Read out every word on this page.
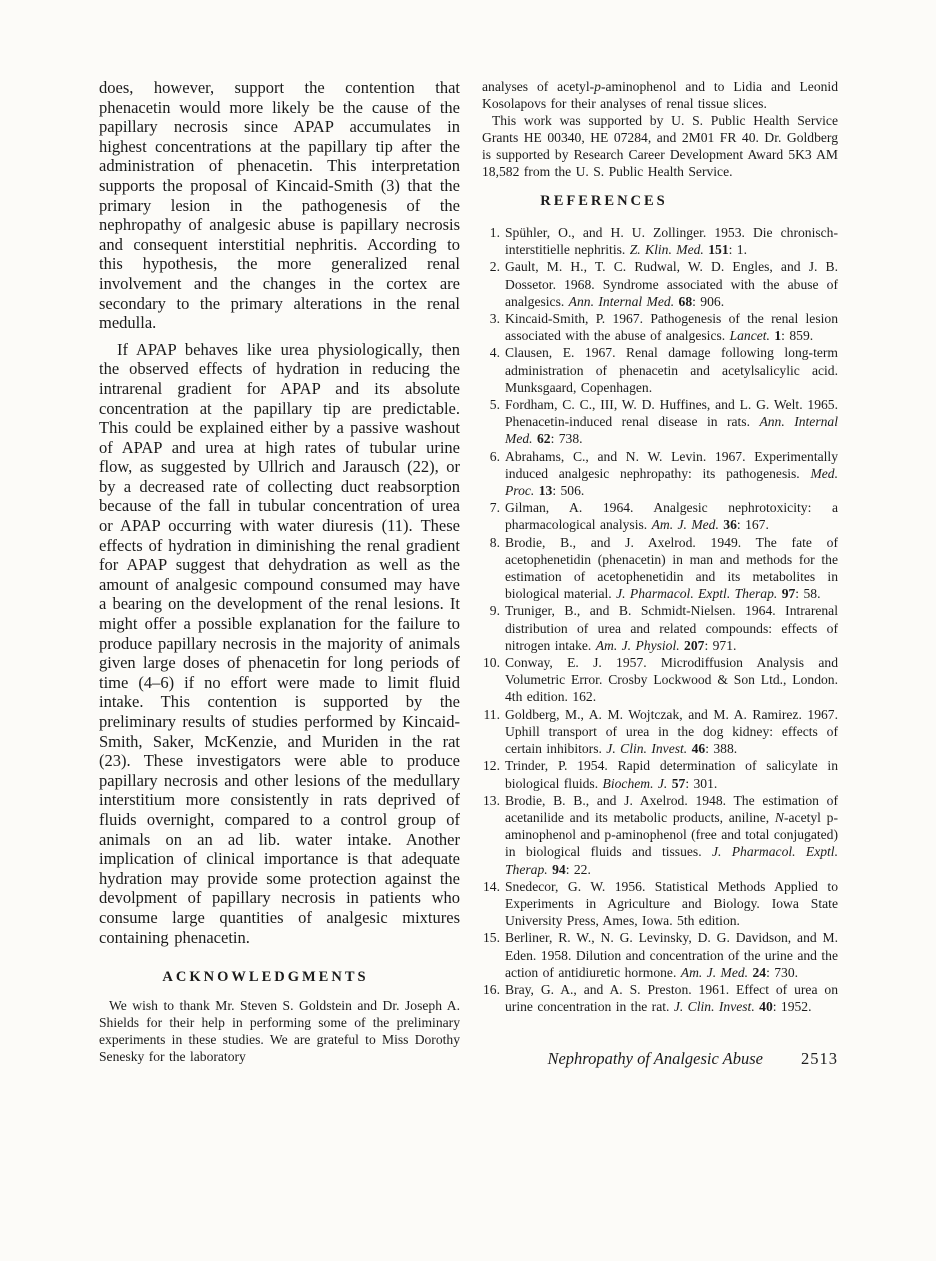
does, however, support the contention that phenacetin would more likely be the cause of the papillary necrosis since APAP accumulates in highest concentrations at the papillary tip after the administration of phenacetin. This interpretation supports the proposal of Kincaid-Smith (3) that the primary lesion in the pathogenesis of the nephropathy of analgesic abuse is papillary necrosis and consequent interstitial nephritis. According to this hypothesis, the more generalized renal involvement and the changes in the cortex are secondary to the primary alterations in the renal medulla.

If APAP behaves like urea physiologically, then the observed effects of hydration in reducing the intrarenal gradient for APAP and its absolute concentration at the papillary tip are predictable. This could be explained either by a passive washout of APAP and urea at high rates of tubular urine flow, as suggested by Ullrich and Jarausch (22), or by a decreased rate of collecting duct reabsorption because of the fall in tubular concentration of urea or APAP occurring with water diuresis (11). These effects of hydration in diminishing the renal gradient for APAP suggest that dehydration as well as the amount of analgesic compound consumed may have a bearing on the development of the renal lesions. It might offer a possible explanation for the failure to produce papillary necrosis in the majority of animals given large doses of phenacetin for long periods of time (4–6) if no effort were made to limit fluid intake. This contention is supported by the preliminary results of studies performed by Kincaid-Smith, Saker, McKenzie, and Muriden in the rat (23). These investigators were able to produce papillary necrosis and other lesions of the medullary interstitium more consistently in rats deprived of fluids overnight, compared to a control group of animals on an ad lib. water intake. Another implication of clinical importance is that adequate hydration may provide some protection against the devolpment of papillary necrosis in patients who consume large quantities of analgesic mixtures containing phenacetin.

ACKNOWLEDGMENTS

We wish to thank Mr. Steven S. Goldstein and Dr. Joseph A. Shields for their help in performing some of the preliminary experiments in these studies. We are grateful to Miss Dorothy Senesky for the laboratory

analyses of acetyl-p-aminophenol and to Lidia and Leonid Kosolapovs for their analyses of renal tissue slices.

This work was supported by U. S. Public Health Service Grants HE 00340, HE 07284, and 2M01 FR 40. Dr. Goldberg is supported by Research Career Development Award 5K3 AM 18,582 from the U. S. Public Health Service.

REFERENCES
1. Spühler, O., and H. U. Zollinger. 1953. Die chronisch-interstitielle nephritis. Z. Klin. Med. 151: 1.
2. Gault, M. H., T. C. Rudwal, W. D. Engles, and J. B. Dossetor. 1968. Syndrome associated with the abuse of analgesics. Ann. Internal Med. 68: 906.
3. Kincaid-Smith, P. 1967. Pathogenesis of the renal lesion associated with the abuse of analgesics. Lancet. 1: 859.
4. Clausen, E. 1967. Renal damage following long-term administration of phenacetin and acetylsalicylic acid. Munksgaard, Copenhagen.
5. Fordham, C. C., III, W. D. Huffines, and L. G. Welt. 1965. Phenacetin-induced renal disease in rats. Ann. Internal Med. 62: 738.
6. Abrahams, C., and N. W. Levin. 1967. Experimentally induced analgesic nephropathy: its pathogenesis. Med. Proc. 13: 506.
7. Gilman, A. 1964. Analgesic nephrotoxicity: a pharmacological analysis. Am. J. Med. 36: 167.
8. Brodie, B., and J. Axelrod. 1949. The fate of acetophenetidin (phenacetin) in man and methods for the estimation of acetophenetidin and its metabolites in biological material. J. Pharmacol. Exptl. Therap. 97: 58.
9. Truniger, B., and B. Schmidt-Nielsen. 1964. Intrarenal distribution of urea and related compounds: effects of nitrogen intake. Am. J. Physiol. 207: 971.
10. Conway, E. J. 1957. Microdiffusion Analysis and Volumetric Error. Crosby Lockwood & Son Ltd., London. 4th edition. 162.
11. Goldberg, M., A. M. Wojtczak, and M. A. Ramirez. 1967. Uphill transport of urea in the dog kidney: effects of certain inhibitors. J. Clin. Invest. 46: 388.
12. Trinder, P. 1954. Rapid determination of salicylate in biological fluids. Biochem. J. 57: 301.
13. Brodie, B. B., and J. Axelrod. 1948. The estimation of acetanilide and its metabolic products, aniline, N-acetyl p-aminophenol and p-aminophenol (free and total conjugated) in biological fluids and tissues. J. Pharmacol. Exptl. Therap. 94: 22.
14. Snedecor, G. W. 1956. Statistical Methods Applied to Experiments in Agriculture and Biology. Iowa State University Press, Ames, Iowa. 5th edition.
15. Berliner, R. W., N. G. Levinsky, D. G. Davidson, and M. Eden. 1958. Dilution and concentration of the urine and the action of antidiuretic hormone. Am. J. Med. 24: 730.
16. Bray, G. A., and A. S. Preston. 1961. Effect of urea on urine concentration in the rat. J. Clin. Invest. 40: 1952.
Nephropathy of Analgesic Abuse 2513
